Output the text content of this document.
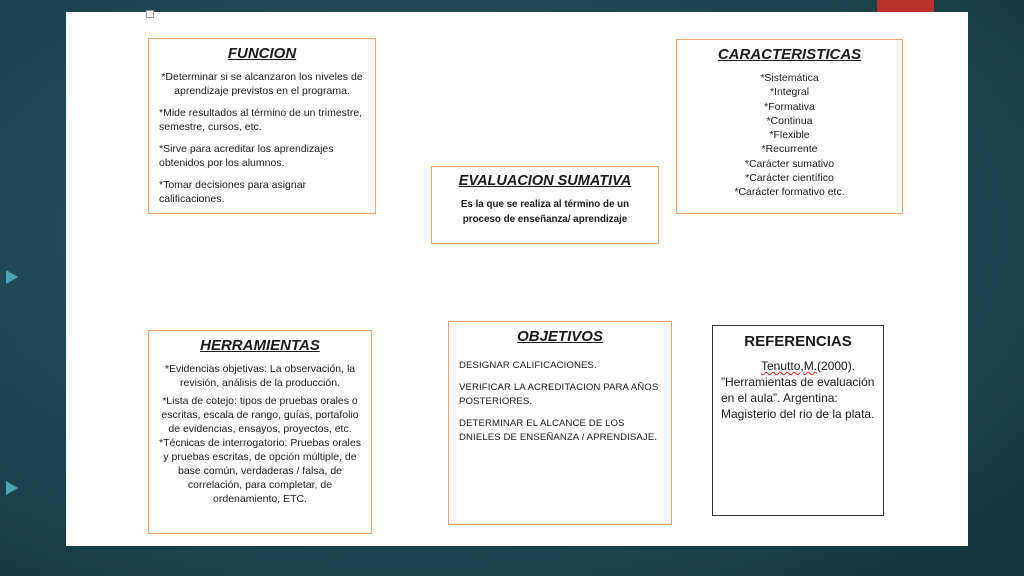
FUNCION

*Determinar si se alcanzaron los niveles de aprendizaje previstos en el programa.

*Mide resultados al término de un trimestre, semestre, cursos, etc.

*Sirve para acreditar los aprendizajes obtenidos por los alumnos.

*Tomar decisiones para asignar calificaciones.

CARACTERISTICAS
*Sistemática
*Integral
*Formativa
*Continua
*Flexible
*Recurrente
*Carácter sumativo
*Carácter científico
*Carácter formativo etc.
EVALUACION SUMATIVA

Es la que se realiza al término de un proceso de enseñanza/ aprendizaje

HERRAMIENTAS

*Evidencias objetivas: La observación, la revisión, análisis de la producción.

*Lista de cotejo: tipos de pruebas orales o escritas, escala de rango, guías, portafolio de evidencias, ensayos, proyectos, etc.

*Técnicas de interrogatorio: Pruebas orales y pruebas escritas, de opción múltiple, de base común, verdaderas / falsa, de correlación, para completar, de ordenamiento, ETC.

OBJETIVOS

DESIGNAR CALIFICACIONES.

VERIFICAR LA ACREDITACION PARA AÑOS POSTERIORES.

DETERMINAR EL ALCANCE DE LOS DNIELES DE ENSEÑANZA / APRENDISAJE.

REFERENCIAS
Tenutto,M.(2000).
”Herramientas de evaluación en el aula”. Argentina: Magisterio del rio de la plata.
